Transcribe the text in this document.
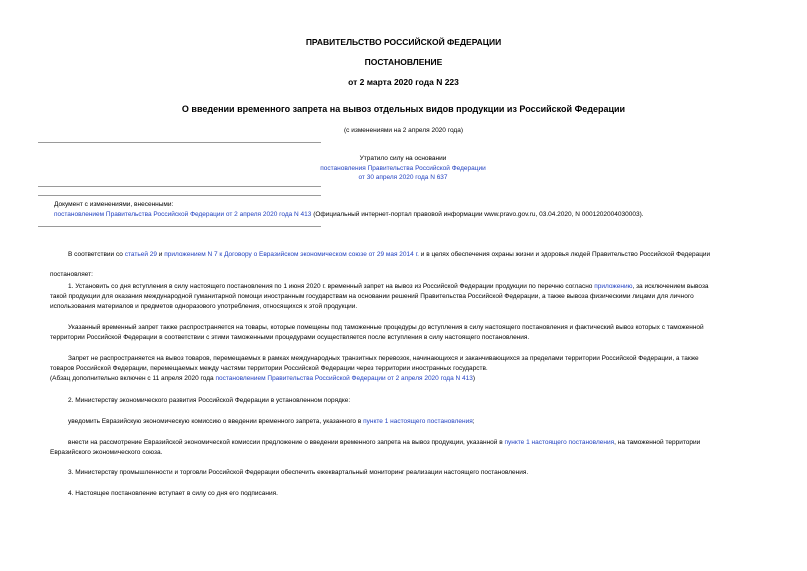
ПРАВИТЕЛЬСТВО РОССИЙСКОЙ ФЕДЕРАЦИИ
ПОСТАНОВЛЕНИЕ
от 2 марта 2020 года N 223
О введении временного запрета на вывоз отдельных видов продукции из Российской Федерации
(с изменениями на 2 апреля 2020 года)
Утратило силу на основании
постановления Правительства Российской Федерации
от 30 апреля 2020 года N 637
Документ с изменениями, внесенными:
постановлением Правительства Российской Федерации от 2 апреля 2020 года N 413 (Официальный интернет-портал правовой информации www.pravo.gov.ru, 03.04.2020, N 0001202004030003).
В соответствии со статьей 29 и приложением N 7 к Договору о Евразийском экономическом союзе от 29 мая 2014 г. и в целях обеспечения охраны жизни и здоровья людей Правительство Российской Федерации
постановляет:
1. Установить со дня вступления в силу настоящего постановления по 1 июня 2020 г. временный запрет на вывоз из Российской Федерации продукции по перечню согласно приложению, за исключением вывоза
такой продукции для оказания международной гуманитарной помощи иностранным государствам на основании решений Правительства Российской Федерации, а также вывоза физическими лицами для личного
использования материалов и предметов одноразового употребления, относящихся к этой продукции.
Указанный временный запрет также распространяется на товары, которые помещены под таможенные процедуры до вступления в силу настоящего постановления и фактический вывоз которых с таможенной
территории Российской Федерации в соответствии с этими таможенными процедурами осуществляется после вступления в силу настоящего постановления.
Запрет не распространяется на вывоз товаров, перемещаемых в рамках международных транзитных перевозок, начинающихся и заканчивающихся за пределами территории Российской Федерации, а также
товаров Российской Федерации, перемещаемых между частями территории Российской Федерации через территории иностранных государств.
(Абзац дополнительно включен с 11 апреля 2020 года постановлением Правительства Российской Федерации от 2 апреля 2020 года N 413)
2. Министерству экономического развития Российской Федерации в установленном порядке:
уведомить Евразийскую экономическую комиссию о введении временного запрета, указанного в пункте 1 настоящего постановления;
внести на рассмотрение Евразийской экономической комиссии предложение о введении временного запрета на вывоз продукции, указанной в пункте 1 настоящего постановления, на таможенной территории
Евразийского экономического союза.
3. Министерству промышленности и торговли Российской Федерации обеспечить ежеквартальный мониторинг реализации настоящего постановления.
4. Настоящее постановление вступает в силу со дня его подписания.
